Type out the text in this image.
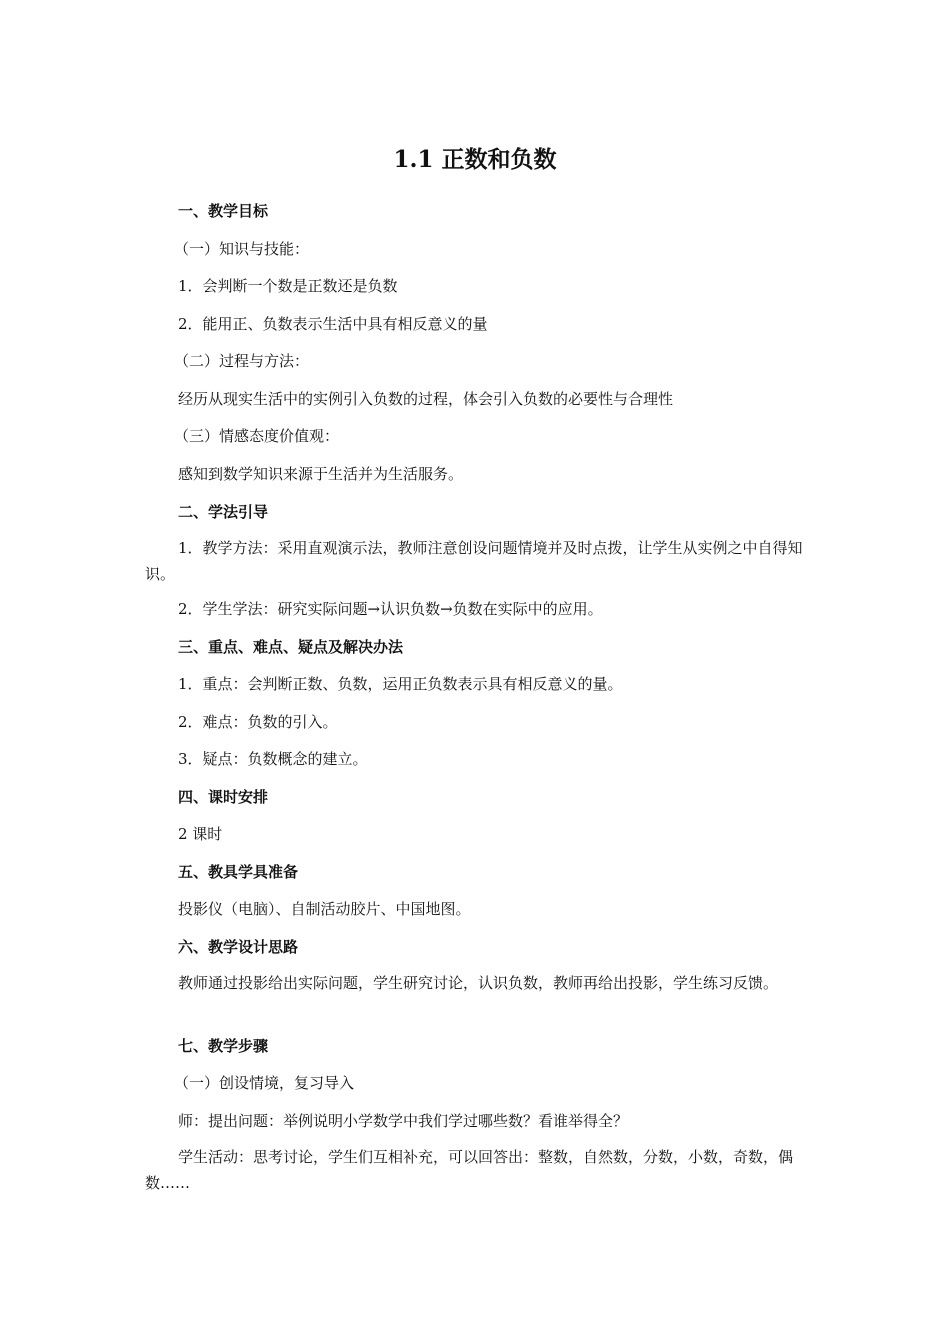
1.1 正数和负数
一、教学目标
（一）知识与技能：
1．会判断一个数是正数还是负数
2．能用正、负数表示生活中具有相反意义的量
（二）过程与方法：
经历从现实生活中的实例引入负数的过程，体会引入负数的必要性与合理性
（三）情感态度价值观：
感知到数学知识来源于生活并为生活服务。
二、学法引导
1．教学方法：采用直观演示法，教师注意创设问题情境并及时点拨，让学生从实例之中自得知识。
2．学生学法：研究实际问题→认识负数→负数在实际中的应用。
三、重点、难点、疑点及解决办法
1．重点：会判断正数、负数，运用正负数表示具有相反意义的量。
2．难点：负数的引入。
3．疑点：负数概念的建立。
四、课时安排
2 课时
五、教具学具准备
投影仪（电脑）、自制活动胶片、中国地图。
六、教学设计思路
教师通过投影给出实际问题，学生研究讨论，认识负数，教师再给出投影，学生练习反馈。
七、教学步骤
（一）创设情境，复习导入
师：提出问题：举例说明小学数学中我们学过哪些数？看谁举得全？
学生活动：思考讨论，学生们互相补充，可以回答出：整数，自然数，分数，小数，奇数，偶数……
